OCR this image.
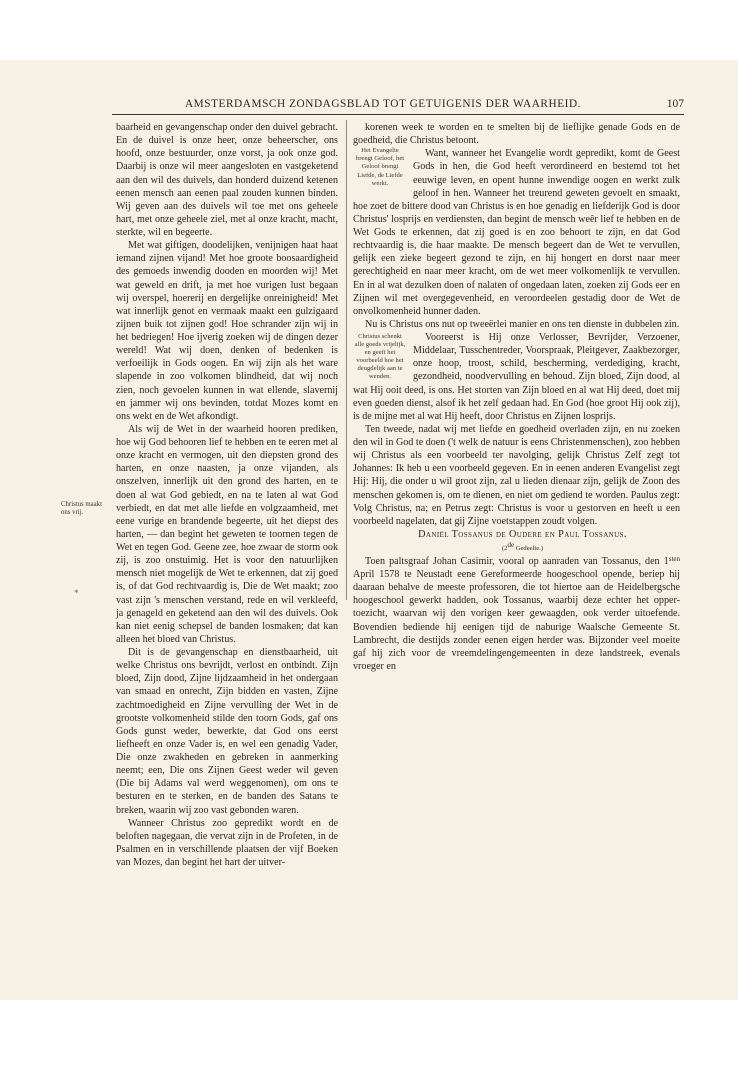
AMSTERDAMSCH ZONDAGSBLAD TOT GETUIGENIS DER WAARHEID.	107
Christus maakt ons vrij.
*

baarheid en gevangenschap onder den duivel gebracht. En de duivel is onze heer, onze beheerscher, ons hoofd, onze bestuurder, onze vorst, ja ook onze god. Daarbij is onze wil meer aangesloten en vastgeketend aan den wil des duivels, dan honderd duizend ketenen eenen mensch aan eenen paal zouden kunnen binden. Wij geven aan des duivels wil toe met ons geheele hart, met onze geheele ziel, met al onze kracht, macht, sterkte, wil en begeerte.

Met wat giftigen, doodelijken, venijnigen haat haat iemand zijnen vijand! Met hoe groote boosaardigheid des gemoeds inwendig dooden en moorden wij! Met wat geweld en drift, ja met hoe vurigen lust begaan wij overspel, hoererij en dergelijke onreinigheid! Met wat innerlijk genot en vermaak maakt een gulzigaard zijnen buik tot zijnen god! Hoe schrander zijn wij in het bedriegen! Hoe ijverig zoeken wij de dingen dezer wereld! Wat wij doen, denken of bedenken is verfoeilijk in Gods oogen. En wij zijn als het ware slapende in zoo volkomen blindheid, dat wij noch zien, noch gevoelen kunnen in wat ellende, slavernij en jammer wij ons bevinden, totdat Mozes komt en ons wekt en de Wet afkondigt.

Als wij de Wet in der waarheid hooren prediken, hoe wij God behooren lief te hebben en te eeren met al onze kracht en vermogen, uit den diepsten grond des harten, en onze naasten, ja onze vijanden, als onszelven, innerlijk uit den grond des harten, en te doen al wat God gebiedt, en na te laten al wat God verbiedt, en dat met alle liefde en volgzaamheid, met eene vurige en brandende begeerte, uit het diepst des harten, — dan begint het geweten te toornen tegen de Wet en tegen God. Geene zee, hoe zwaar de storm ook zij, is zoo onstuimig. Het is voor den natuurlijken mensch niet mogelijk de Wet te erkennen, dat zij goed is, of dat God rechtvaardig is, Die de Wet maakt; zoo vast zijn 's menschen verstand, rede en wil verkleefd, ja genageld en geketend aan den wil des duivels. Ook kan niet eenig schepsel de banden losmaken; dat kan alleen het bloed van Christus.

Dit is de gevangenschap en dienstbaarheid, uit welke Christus ons bevrijdt, verlost en ontbindt. Zijn bloed, Zijn dood, Zijne lijdzaamheid in het ondergaan van smaad en onrecht, Zijn bidden en vasten, Zijne zachtmoedigheid en Zijne vervulling der Wet in de grootste volkomenheid stilde den toorn Gods, gaf ons Gods gunst weder, bewerkte, dat God ons eerst liefheeft en onze Vader is, en wel een genadig Vader, Die onze zwakheden en gebreken in aanmerking neemt; een, Die ons Zijnen Geest weder wil geven (Die bij Adams val werd weggenomen), om ons te besturen en te sterken, en de banden des Satans te breken, waarin wij zoo vast gebonden waren.

Wanneer Christus zoo gepredikt wordt en de beloften nagegaan, die vervat zijn in de Profeten, in de Psalmen en in verschillende plaatsen der vijf Boeken van Mozes, dan begint het hart der uitver-

korenen week te worden en te smelten bij de lieflijke genade Gods en de goedheid, die Christus betoont.

Het Evangelie brengt Geloof, het Geloof brengt Liefde, de Liefde werkt.

Want, wanneer het Evangelie wordt gepredikt, komt de Geest Gods in hen, die God heeft verordineerd en bestemd tot het eeuwige leven, en opent hunne inwendige oogen en werkt zulk geloof in hen. Wanneer het treurend geweten gevoelt en smaakt, hoe zoet de bittere dood van Christus is en hoe genadig en liefderijk God is door Christus' losprijs en verdiensten, dan begint de mensch weêr lief te hebben en de Wet Gods te erkennen, dat zij goed is en zoo behoort te zijn, en dat God rechtvaardig is, die haar maakte. De mensch begeert dan de Wet te vervullen, gelijk een zieke begeert gezond te zijn, en hij hongert en dorst naar meer gerechtigheid en naar meer kracht, om de wet meer volkomenlijk te vervullen. En in al wat dezulken doen of nalaten of ongedaan laten, zoeken zij Gods eer en Zijnen wil met overgegevenheid, en veroordeelen gestadig door de Wet de onvolkomenheid hunner daden.

Nu is Christus ons nut op tweeërlei manier en ons ten dienste in dubbelen zin.

Christus schenkt alle goeds vrijelijk, en geeft het voorbeeld hoe het deugdelijk aan te wenden.

Vooreerst is Hij onze Verlosser, Bevrijder, Verzoener, Middelaar, Tusschentreder, Voorspraak, Pleitgever, Zaakbezorger, onze hoop, troost, schild, bescherming, verdediging, kracht, gezondheid, noodvervulling en behoud. Zijn bloed, Zijn dood, al wat Hij ooit deed, is ons. Het storten van Zijn bloed en al wat Hij deed, doet mij even goeden dienst, alsof ik het zelf gedaan had. En God (hoe groot Hij ook zij), is de mijne met al wat Hij heeft, door Christus en Zijnen losprijs.

Ten tweede, nadat wij met liefde en goedheid overladen zijn, en nu zoeken den wil in God te doen ('t welk de natuur is eens Christenmenschen), zoo hebben wij Christus als een voorbeeld ter navolging, gelijk Christus Zelf zegt tot Johannes: Ik heb u een voorbeeld gegeven. En in eenen anderen Evangelist zegt Hij: Hij, die onder u wil groot zijn, zal u lieden dienaar zijn, gelijk de Zoon des menschen gekomen is, om te dienen, en niet om gediend te worden. Paulus zegt: Volg Christus, na; en Petrus zegt: Christus is voor u gestorven en heeft u een voorbeeld nagelaten, dat gij Zijne voetstappen zoudt volgen.

Daniël Tossanus de Oudere en Paul Tossanus.

(2de Gedeelte.)

Toen paltsgraaf Johan Casimir, vooral op aanraden van Tossanus, den $1^{sten}$ April 1578 te Neustadt eene Gereformeerde hoogeschool opende, beriep hij daaraan behalve de meeste professoren, die tot hiertoe aan de Heidelbergsche hoogeschool gewerkt hadden, ook Tossanus, waarbij deze echter het opper-toezicht, waarvan wij den vorigen keer gewaagden, ook verder uitoefende. Bovendien bediende hij eenigen tijd de naburige Waalsche Gemeente St. Lambrecht, die destijds zonder eenen eigen herder was. Bijzonder veel moeite gaf hij zich voor de vreemdelingengemeenten in deze landstreek, evenals vroeger en
